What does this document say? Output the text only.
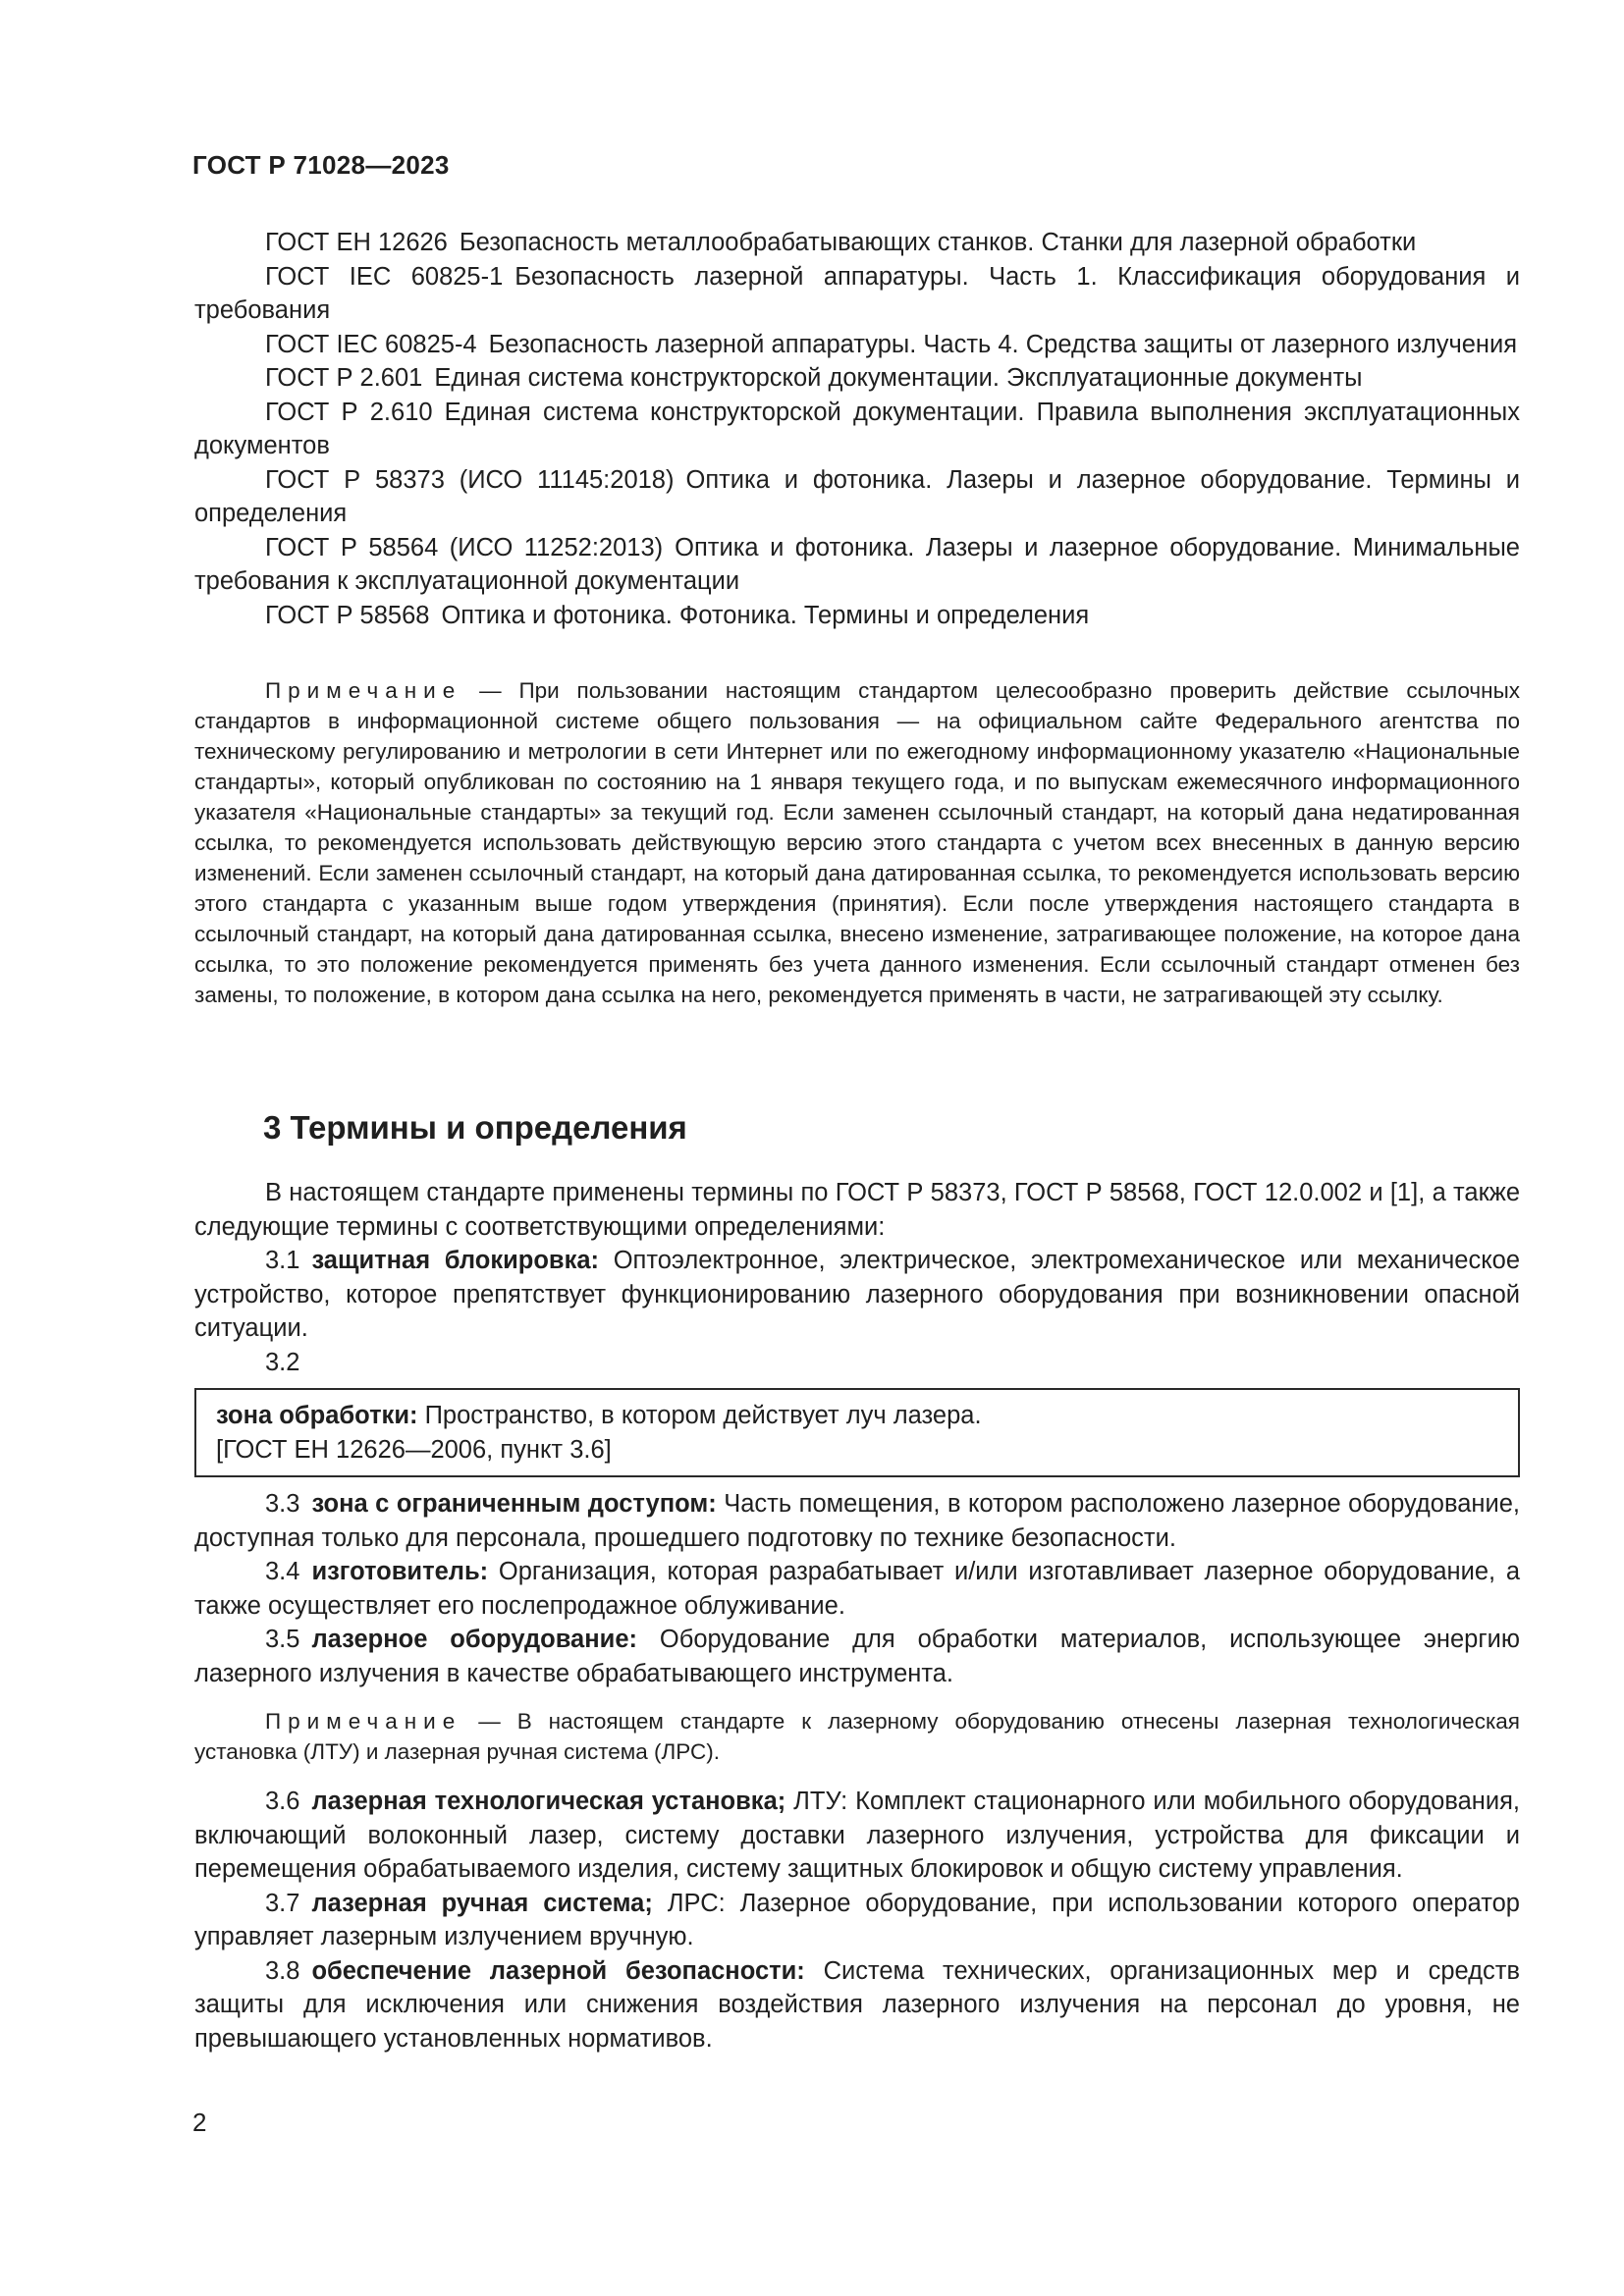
ГОСТ Р 71028—2023

ГОСТ ЕН 12626 Безопасность металлообрабатывающих станков. Станки для лазерной обработки

ГОСТ IEC 60825-1 Безопасность лазерной аппаратуры. Часть 1. Классификация оборудования и требования

ГОСТ IEC 60825-4 Безопасность лазерной аппаратуры. Часть 4. Средства защиты от лазерного излучения

ГОСТ Р 2.601 Единая система конструкторской документации. Эксплуатационные документы

ГОСТ Р 2.610 Единая система конструкторской документации. Правила выполнения эксплуатационных документов

ГОСТ Р 58373 (ИСО 11145:2018) Оптика и фотоника. Лазеры и лазерное оборудование. Термины и определения

ГОСТ Р 58564 (ИСО 11252:2013) Оптика и фотоника. Лазеры и лазерное оборудование. Минимальные требования к эксплуатационной документации

ГОСТ Р 58568 Оптика и фотоника. Фотоника. Термины и определения

Примечание — При пользовании настоящим стандартом целесообразно проверить действие ссылочных стандартов в информационной системе общего пользования — на официальном сайте Федерального агентства по техническому регулированию и метрологии в сети Интернет или по ежегодному информационному указателю «Национальные стандарты», который опубликован по состоянию на 1 января текущего года, и по выпускам ежемесячного информационного указателя «Национальные стандарты» за текущий год. Если заменен ссылочный стандарт, на который дана недатированная ссылка, то рекомендуется использовать действующую версию этого стандарта с учетом всех внесенных в данную версию изменений. Если заменен ссылочный стандарт, на который дана датированная ссылка, то рекомендуется использовать версию этого стандарта с указанным выше годом утверждения (принятия). Если после утверждения настоящего стандарта в ссылочный стандарт, на который дана датированная ссылка, внесено изменение, затрагивающее положение, на которое дана ссылка, то это положение рекомендуется применять без учета данного изменения. Если ссылочный стандарт отменен без замены, то положение, в котором дана ссылка на него, рекомендуется применять в части, не затрагивающей эту ссылку.

3 Термины и определения

В настоящем стандарте применены термины по ГОСТ Р 58373, ГОСТ Р 58568, ГОСТ 12.0.002 и [1], а также следующие термины с соответствующими определениями:

3.1 защитная блокировка: Оптоэлектронное, электрическое, электромеханическое или механическое устройство, которое препятствует функционированию лазерного оборудования при возникновении опасной ситуации.

3.2

зона обработки: Пространство, в котором действует луч лазера.
[ГОСТ ЕН 12626—2006, пункт 3.6]

3.3 зона с ограниченным доступом: Часть помещения, в котором расположено лазерное оборудование, доступная только для персонала, прошедшего подготовку по технике безопасности.

3.4 изготовитель: Организация, которая разрабатывает и/или изготавливает лазерное оборудование, а также осуществляет его послепродажное облуживание.

3.5 лазерное оборудование: Оборудование для обработки материалов, использующее энергию лазерного излучения в качестве обрабатывающего инструмента.

Примечание — В настоящем стандарте к лазерному оборудованию отнесены лазерная технологическая установка (ЛТУ) и лазерная ручная система (ЛРС).

3.6 лазерная технологическая установка; ЛТУ: Комплект стационарного или мобильного оборудования, включающий волоконный лазер, систему доставки лазерного излучения, устройства для фиксации и перемещения обрабатываемого изделия, систему защитных блокировок и общую систему управления.

3.7 лазерная ручная система; ЛРС: Лазерное оборудование, при использовании которого оператор управляет лазерным излучением вручную.

3.8 обеспечение лазерной безопасности: Система технических, организационных мер и средств защиты для исключения или снижения воздействия лазерного излучения на персонал до уровня, не превышающего установленных нормативов.

2
